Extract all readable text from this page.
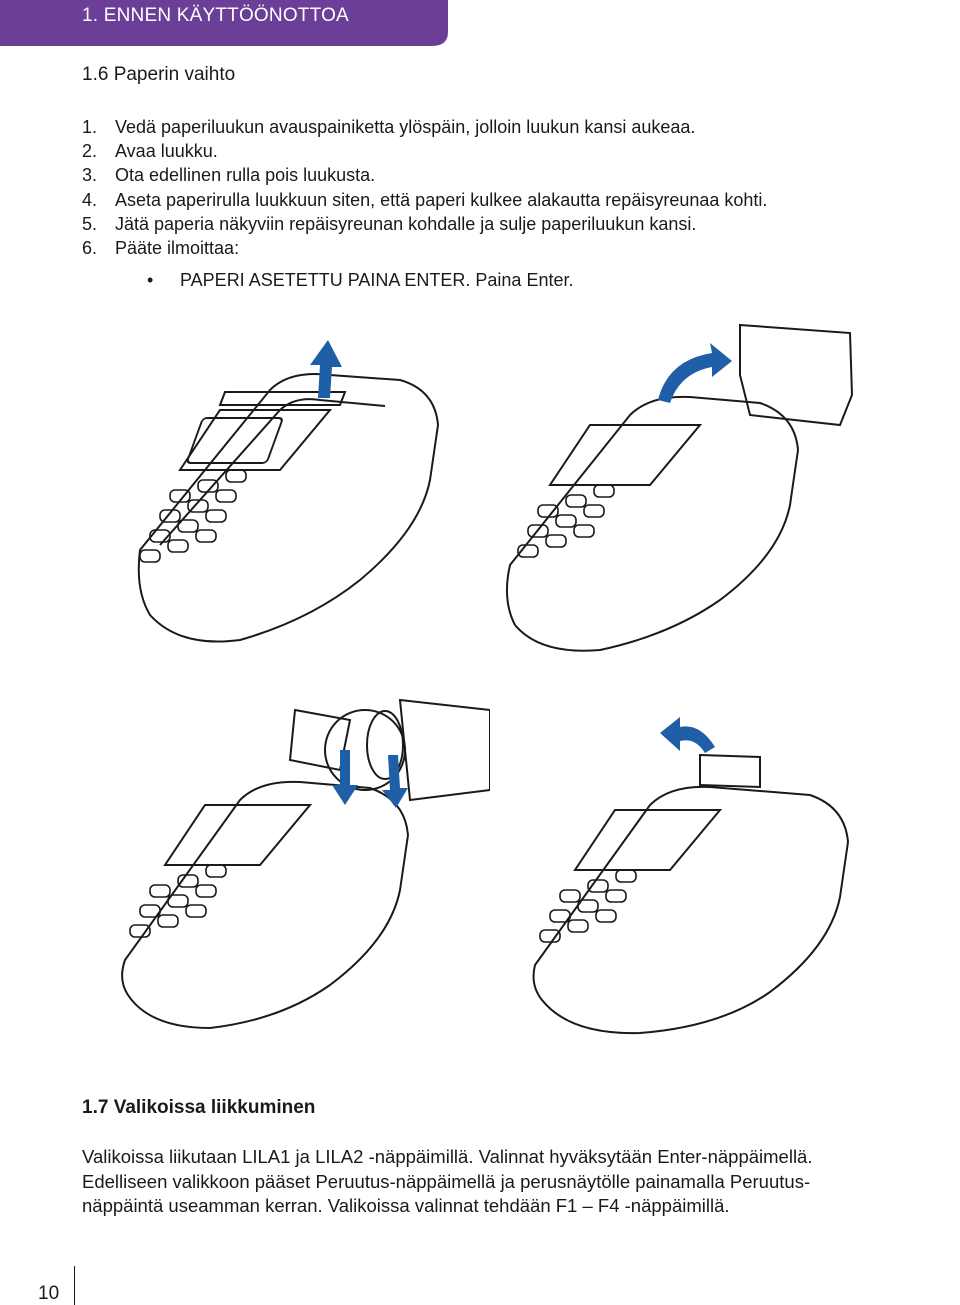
1. ENNEN KÄYTTÖÖNOTTOA
1.6 Paperin vaihto
1. Vedä paperiluukun avauspainiketta ylöspäin, jolloin luukun kansi aukeaa.
2. Avaa luukku.
3. Ota edellinen rulla pois luukusta.
4. Aseta paperirulla luukkuun siten, että paperi kulkee alakautta repäisyreunaa kohti.
5. Jätä paperia näkyviin repäisyreunan kohdalle ja sulje paperiluukun kansi.
6. Pääte ilmoittaa:
• PAPERI ASETETTU PAINA ENTER. Paina Enter.
1.7 Valikoissa liikkuminen

Valikoissa liikutaan LILA1 ja LILA2 -näppäimillä. Valinnat hyväksytään Enter-näppäimellä. Edelliseen valikkoon pääset Peruutus-näppäimellä ja perusnäytölle painamalla Peruutus-näppäintä useamman kerran. Valikoissa valinnat tehdään F1 – F4 -näppäimillä.

10
